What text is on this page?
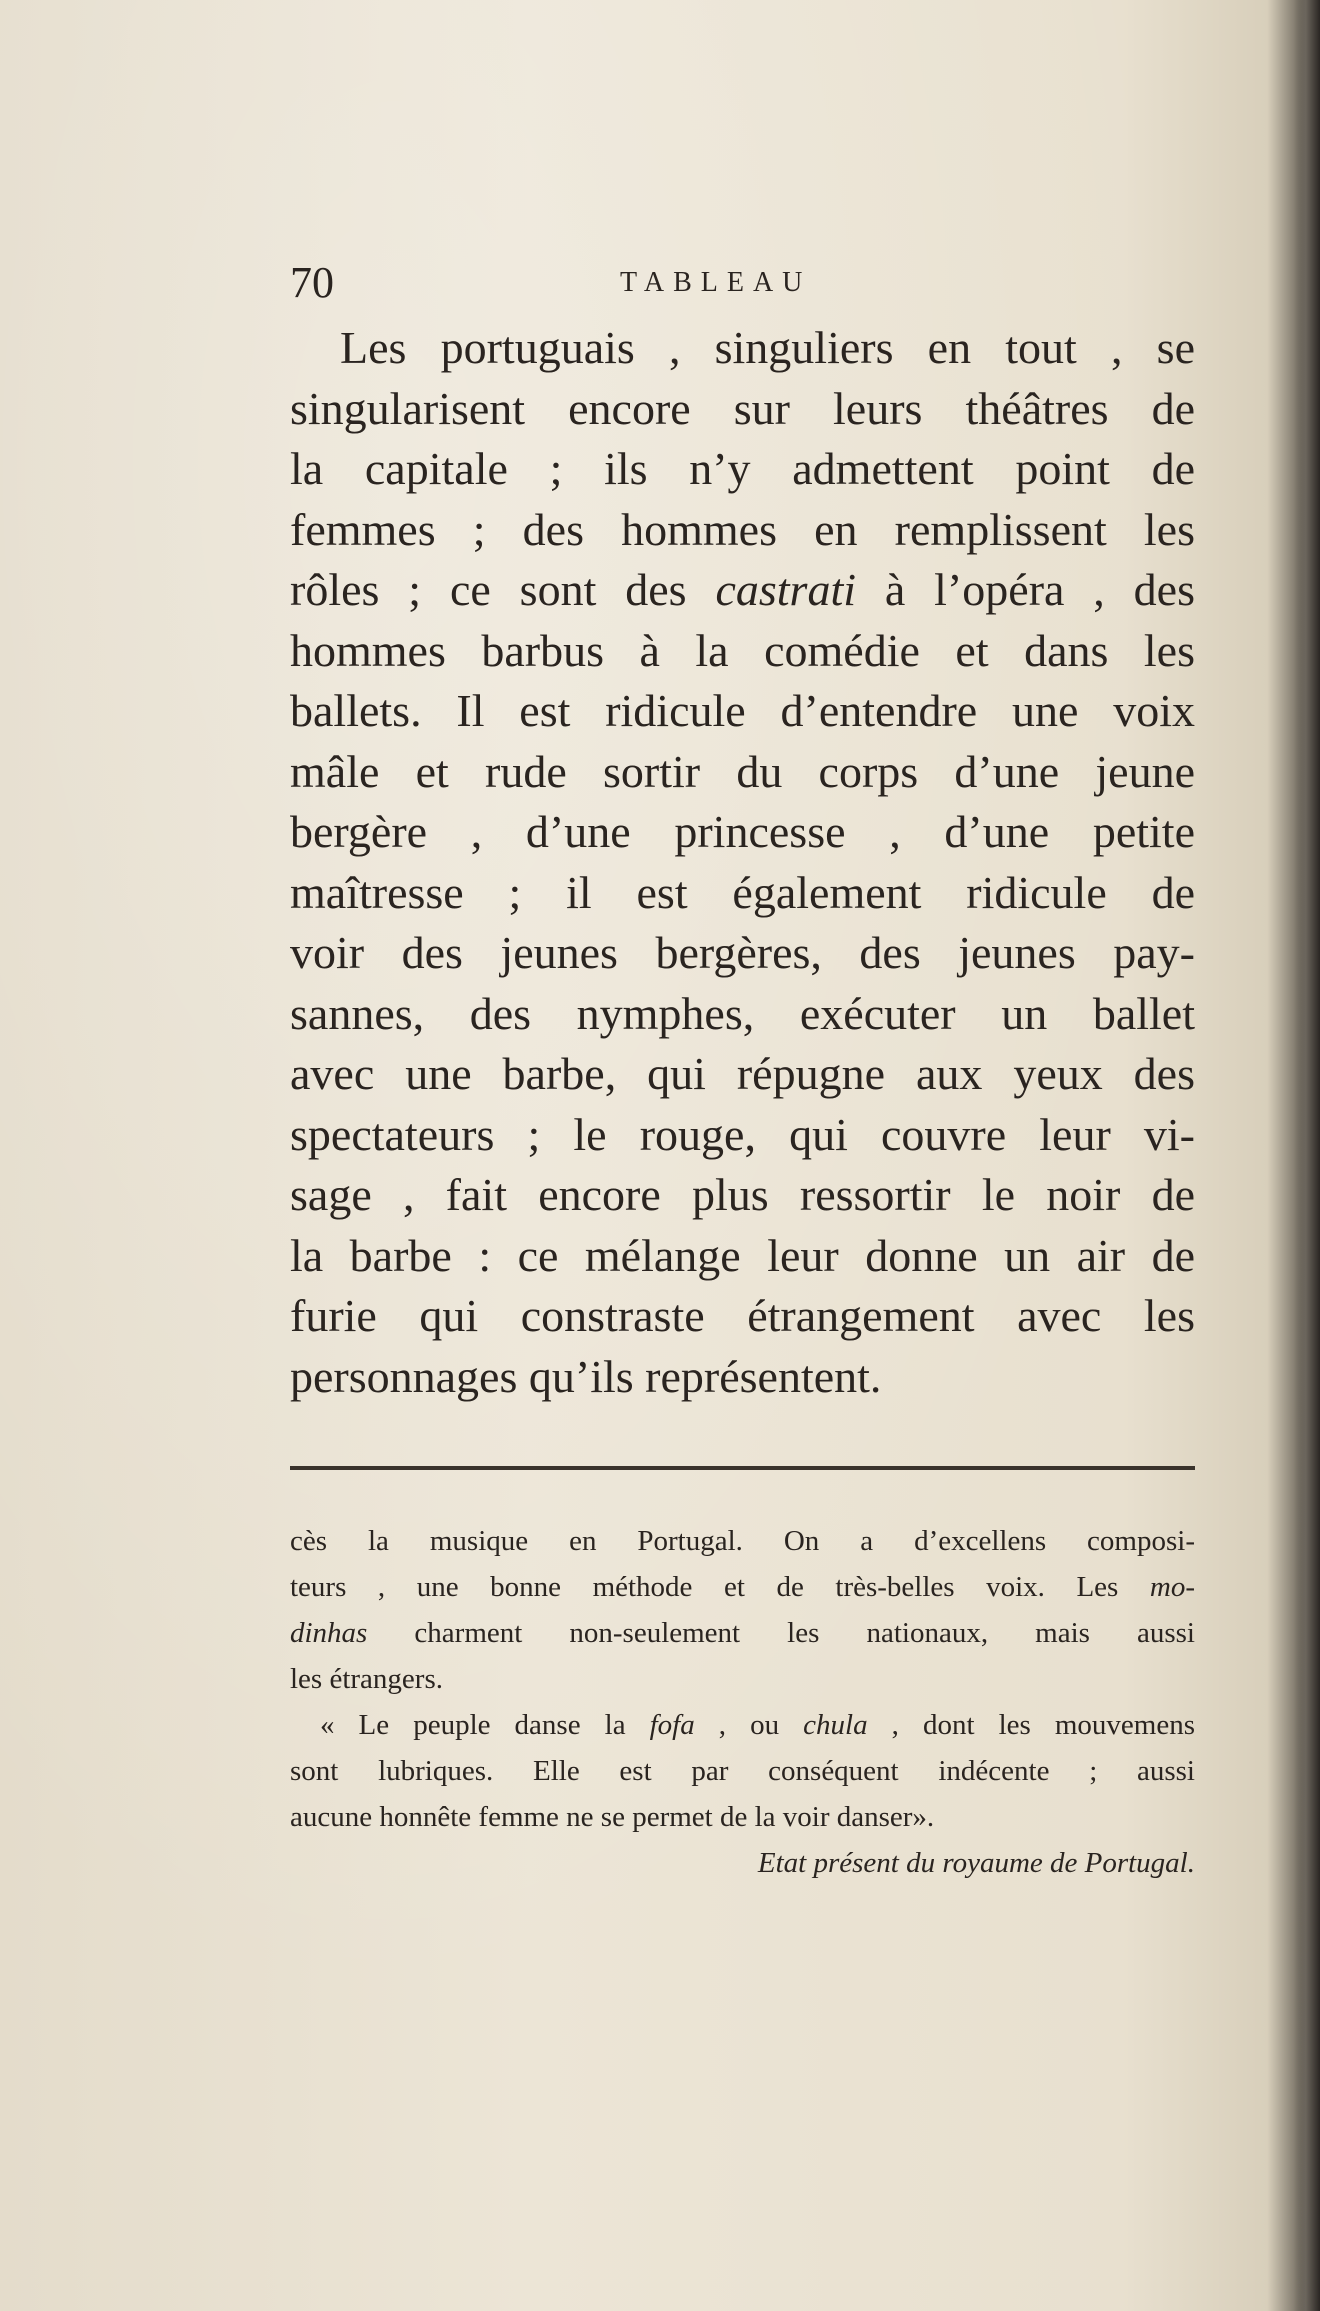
70	TABLEAU
Les portuguais , singuliers en tout , se
singularisent encore sur leurs théâtres de
la capitale ; ils n’y admettent point de
femmes ; des hommes en remplissent les
rôles ; ce sont des castrati à l’opéra , des
hommes barbus à la comédie et dans les
ballets. Il est ridicule d’entendre une voix
mâle et rude sortir du corps d’une jeune
bergère , d’une princesse , d’une petite
maîtresse ; il est également ridicule de
voir des jeunes bergères, des jeunes pay-
sannes, des nymphes, exécuter un ballet
avec une barbe, qui répugne aux yeux des
spectateurs ; le rouge, qui couvre leur vi-
sage , fait encore plus ressortir le noir de
la barbe : ce mélange leur donne un air de
furie qui constraste étrangement avec les
personnages qu’ils représentent.
cès la musique en Portugal. On a d’excellens composi-
teurs , une bonne méthode et de très-belles voix. Les mo-
dinhas charment non-seulement les nationaux, mais aussi
les étrangers.
« Le peuple danse la fofa , ou chula , dont les mouvemens
sont lubriques. Elle est par conséquent indécente ; aussi
aucune honnête femme ne se permet de la voir danser».
Etat présent du royaume de Portugal.
